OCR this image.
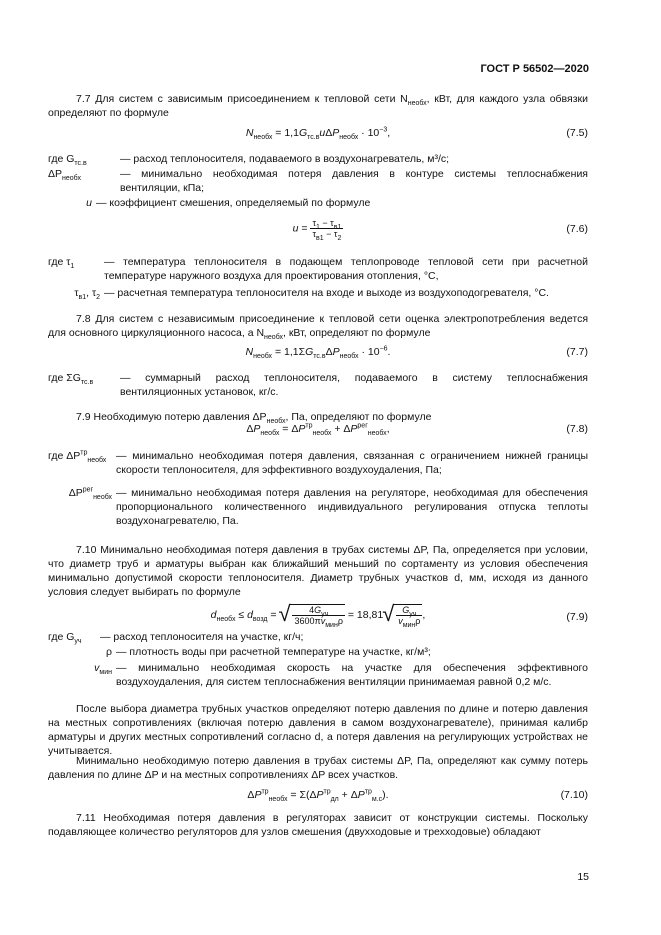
ГОСТ Р 56502—2020
7.7 Для систем с зависимым присоединением к тепловой сети $N_{необх}$, кВт, для каждого узла обвязки определяют по формуле
$N_{необх} = 1,1G_{тс.в}u\Delta P_{необх} \cdot 10^{-3}$,	(7.5)
где $G_{тс.в}$	— расход теплоносителя, подаваемого в воздухонагреватель, м³/с;
$\Delta P_{необх}$	— минимально необходимая потеря давления в контуре системы теплоснабжения вентиляции, кПа;
u — коэффициент смешения, определяемый по формуле
$u = \frac{\tau_1 - \tau_{в1}}{\tau_{в1} - \tau_2}$	(7.6)
где $\tau_1$	— температура теплоносителя в подающем теплопроводе тепловой сети при расчетной температуре наружного воздуха для проектирования отопления, °С,
$\tau_{в1}$, $\tau_2$ — расчетная температура теплоносителя на входе и выходе из воздухоподогревателя, °С.
7.8 Для систем с независимым присоединение к тепловой сети оценка электропотребления ведется для основного циркуляционного насоса, а $N_{необх}$, кВт, определяют по формуле
$N_{необх} = 1,1\Sigma G_{тс.в}\Delta P_{необх} \cdot 10^{-6}$.	(7.7)
где $\Sigma G_{тс.в}$	— суммарный расход теплоносителя, подаваемого в систему теплоснабжения вентиляционных установок, кг/с.
7.9 Необходимую потерю давления $\Delta P_{необх}$, Па, определяют по формуле
$\Delta P_{необх} = \Delta P^{тр}_{необх} + \Delta P^{рег}_{необх}$,	(7.8)
где $\Delta P^{тр}_{необх}$ — минимально необходимая потеря давления, связанная с ограничением нижней границы скорости теплоносителя, для эффективного воздухоудаления, Па;
$\Delta P^{рег}_{необх}$ — минимально необходимая потеря давления на регуляторе, необходимая для обеспечения пропорционального количественного индивидуального регулирования отпуска теплоты воздухонагревателю, Па.
7.10 Минимально необходимая потеря давления в трубах системы ΔP, Па, определяется при условии, что диаметр труб и арматуры выбран как ближайший меньший по сортаменту из условия обеспечения минимально допустимой скорости теплоносителя. Диаметр трубных участков d, мм, исходя из данного условия следует выбирать по формуле
$d_{необх} \le d_{возд}$ = √ $\frac{4G_{уч}}{3600\pi v_{мин}\rho} = 18,81$ √ $\frac{G_{уч}}{v_{мин}\rho}$ ,	(7.9)
где $G_{уч}$	— расход теплоносителя на участке, кг/ч;
ρ — плотность воды при расчетной температуре на участке, кг/м³;
$v_{мин}$ — минимально необходимая скорость на участке для обеспечения эффективного воздухоудаления, для систем теплоснабжения вентиляции принимаемая равной 0,2 м/с.
После выбора диаметра трубных участков определяют потерю давления по длине и потерю давления на местных сопротивлениях (включая потерю давления в самом воздухонагревателе), принимая калибр арматуры и других местных сопротивлений согласно d, а потеря давления на регулирующих устройствах не учитывается.
Минимально необходимую потерю давления в трубах системы ΔP, Па, определяют как сумму потерь давления по длине ΔP и на местных сопротивлениях ΔP всех участков.
$\Delta P^{тр}_{необх} = \Sigma(\Delta P^{тр}_{дл} + \Delta P^{тр}_{м.с})$.	(7.10)
7.11 Необходимая потеря давления в регуляторах зависит от конструкции системы. Поскольку подавляющее количество регуляторов для узлов смешения (двухходовые и трехходовые) обладают
15
